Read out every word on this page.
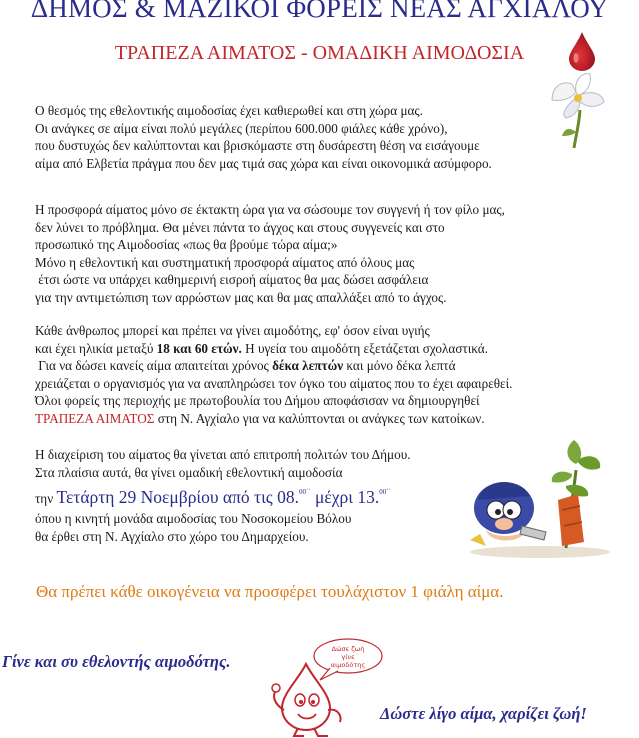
ΔΗΜΟΣ & ΜΑΖΙΚΟΙ ΦΟΡΕΙΣ ΝΕΑΣ ΑΓΧΙΑΛΟΥ
ΤΡΑΠΕΖΑ ΑΙΜΑΤΟΣ - ΟΜΑΔΙΚΗ ΑΙΜΟΔΟΣΙΑ
Ο θεσμός της εθελοντικής αιμοδοσίας έχει καθιερωθεί και στη χώρα μας.
Οι ανάγκες σε αίμα είναι πολύ μεγάλες (περίπου 600.000 φιάλες κάθε χρόνο),
που δυστυχώς δεν καλύπτονται και βρισκόμαστε στη δυσάρεστη θέση να εισάγουμε
αίμα από Ελβετία πράγμα που δεν μας τιμά σας χώρα και είναι οικονομικά ασύμφορο.
Η προσφορά αίματος μόνο σε έκτακτη ώρα για να σώσουμε τον συγγενή ή τον φίλο μας,
δεν λύνει το πρόβλημα. Θα μένει πάντα το άγχος και στους συγγενείς και στο
προσωπικό της Αιμοδοσίας «πως θα βρούμε τώρα αίμα;»
Μόνο η εθελοντική και συστηματική προσφορά αίματος από όλους μας
έτσι ώστε να υπάρχει καθημερινή εισροή αίματος θα μας δώσει ασφάλεια
για την αντιμετώπιση των αρρώστων μας και θα μας απαλλάξει από το άγχος.
Κάθε άνθρωπος μπορεί και πρέπει να γίνει αιμοδότης, εφ' όσον είναι υγιής
και έχει ηλικία μεταξύ 18 και 60 ετών. Η υγεία του αιμοδότη εξετάζεται σχολαστικά.
Για να δώσει κανείς αίμα απαιτείται χρόνος δέκα λεπτών και μόνο δέκα λεπτά
χρειάζεται ο οργανισμός για να αναπληρώσει τον όγκο του αίματος που το έχει αφαιρεθεί.
Όλοι φορείς της περιοχής με πρωτοβουλία του Δήμου αποφάσισαν να δημιουργηθεί
ΤΡΑΠΕΖΑ ΑΙΜΑΤΟΣ στη Ν. Αγχίαλο για να καλύπτονται οι ανάγκες των κατοίκων.
Η διαχείριση του αίματος θα γίνεται από επιτροπή πολιτών του Δήμου.
Στα πλαίσια αυτά, θα γίνει ομαδική εθελοντική αιμοδοσία
την Τετάρτη 29 Νοεμβρίου από τις 08.$^{00΄΄}$ μέχρι 13.$^{00΄΄}$
όπου η κινητή μονάδα αιμοδοσίας του Νοσοκομείου Βόλου
θα έρθει στη Ν. Αγχίαλο στο χώρο του Δημαρχείου.
Θα πρέπει κάθε οικογένεια να προσφέρει τουλάχιστον 1 φιάλη αίμα.
Γίνε και συ εθελοντής αιμοδότης.
Δώσε ζωή
γίνε
αιμοδότης
Δώστε λίγο αίμα, χαρίζει ζωή!
